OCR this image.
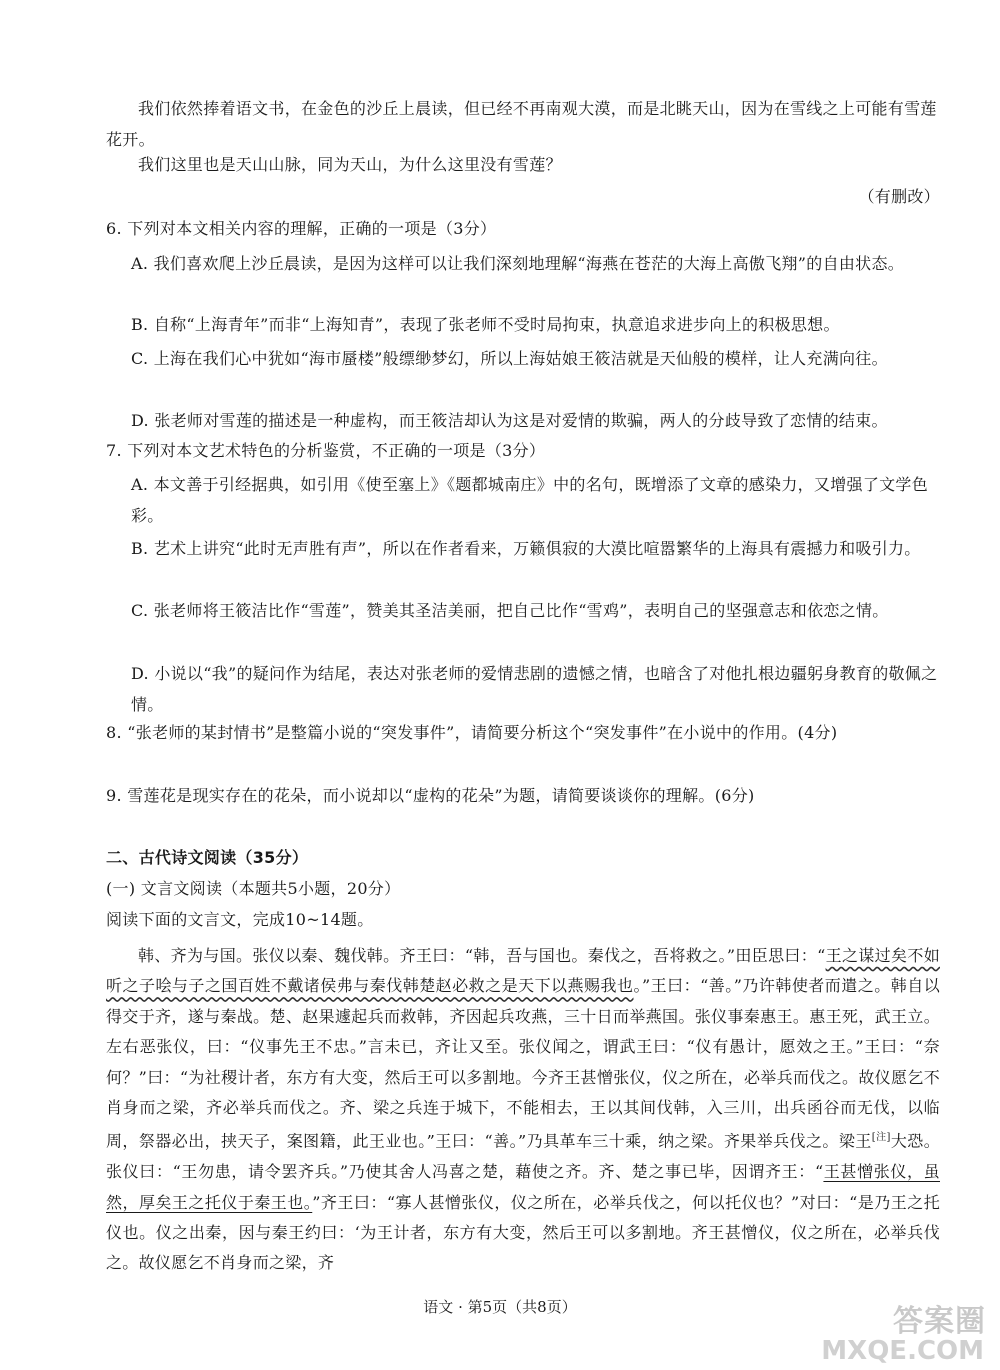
我们依然捧着语文书，在金色的沙丘上晨读，但已经不再南观大漠，而是北眺天山，因为在雪线之上可能有雪莲花开。
我们这里也是天山山脉，同为天山，为什么这里没有雪莲？
（有删改）
6. 下列对本文相关内容的理解，正确的一项是（3分）
A. 我们喜欢爬上沙丘晨读，是因为这样可以让我们深刻地理解“海燕在苍茫的大海上高傲飞翔”的自由状态。
B. 自称“上海青年”而非“上海知青”，表现了张老师不受时局拘束，执意追求进步向上的积极思想。
C. 上海在我们心中犹如“海市蜃楼”般缥缈梦幻，所以上海姑娘王筱洁就是天仙般的模样，让人充满向往。
D. 张老师对雪莲的描述是一种虚构，而王筱洁却认为这是对爱情的欺骗，两人的分歧导致了恋情的结束。
7. 下列对本文艺术特色的分析鉴赏，不正确的一项是（3分）
A. 本文善于引经据典，如引用《使至塞上》《题都城南庄》中的名句，既增添了文章的感染力，又增强了文学色彩。
B. 艺术上讲究“此时无声胜有声”，所以在作者看来，万籁俱寂的大漠比喧嚣繁华的上海具有震撼力和吸引力。
C. 张老师将王筱洁比作“雪莲”，赞美其圣洁美丽，把自己比作“雪鸡”，表明自己的坚强意志和依恋之情。
D. 小说以“我”的疑问作为结尾，表达对张老师的爱情悲剧的遗憾之情，也暗含了对他扎根边疆躬身教育的敬佩之情。
8. “张老师的某封情书”是整篇小说的“突发事件”，请简要分析这个“突发事件”在小说中的作用。(4分)
9. 雪莲花是现实存在的花朵，而小说却以“虚构的花朵”为题，请简要谈谈你的理解。(6分)
二、古代诗文阅读（35分）
(一) 文言文阅读（本题共5小题，20分）
阅读下面的文言文，完成10~14题。
韩、齐为与国。张仪以秦、魏伐韩。齐王曰：“韩，吾与国也。秦伐之，吾将救之。”田臣思曰：“王之谋过矣不如听之子哙与子之国百姓不戴诸侯弗与秦伐韩楚赵必救之是天下以燕赐我也。”王曰：“善。”乃许韩使者而遣之。韩自以得交于齐，遂与秦战。楚、赵果遽起兵而救韩，齐因起兵攻燕，三十日而举燕国。张仪事秦惠王。惠王死，武王立。左右恶张仪，曰：“仪事先王不忠。”言未已，齐让又至。张仪闻之，谓武王曰：“仪有愚计，愿效之王。”王曰：“奈何？”曰：“为社稷计者，东方有大变，然后王可以多割地。今齐王甚憎张仪，仪之所在，必举兵而伐之。故仪愿乞不肖身而之梁，齐必举兵而伐之。齐、梁之兵连于城下，不能相去，王以其间伐韩，入三川，出兵函谷而无伐，以临周，祭器必出，挟天子，案图籍，此王业也。”王曰：“善。”乃具革车三十乘，纳之梁。齐果举兵伐之。梁王[注]大恐。张仪曰：“王勿患，请令罢齐兵。”乃使其舍人冯喜之楚，藉使之齐。齐、楚之事已毕，因谓齐王：“王甚憎张仪，虽然，厚矣王之托仪于秦王也。”齐王曰：“寡人甚憎张仪，仪之所在，必举兵伐之，何以托仪也？”对曰：“是乃王之托仪也。仪之出秦，因与秦王约曰：‘为王计者，东方有大变，然后王可以多割地。齐王甚憎仪，仪之所在，必举兵伐之。故仪愿乞不肖身而之梁，齐
语文 · 第5页（共8页）	答案圈
MXQE.COM
